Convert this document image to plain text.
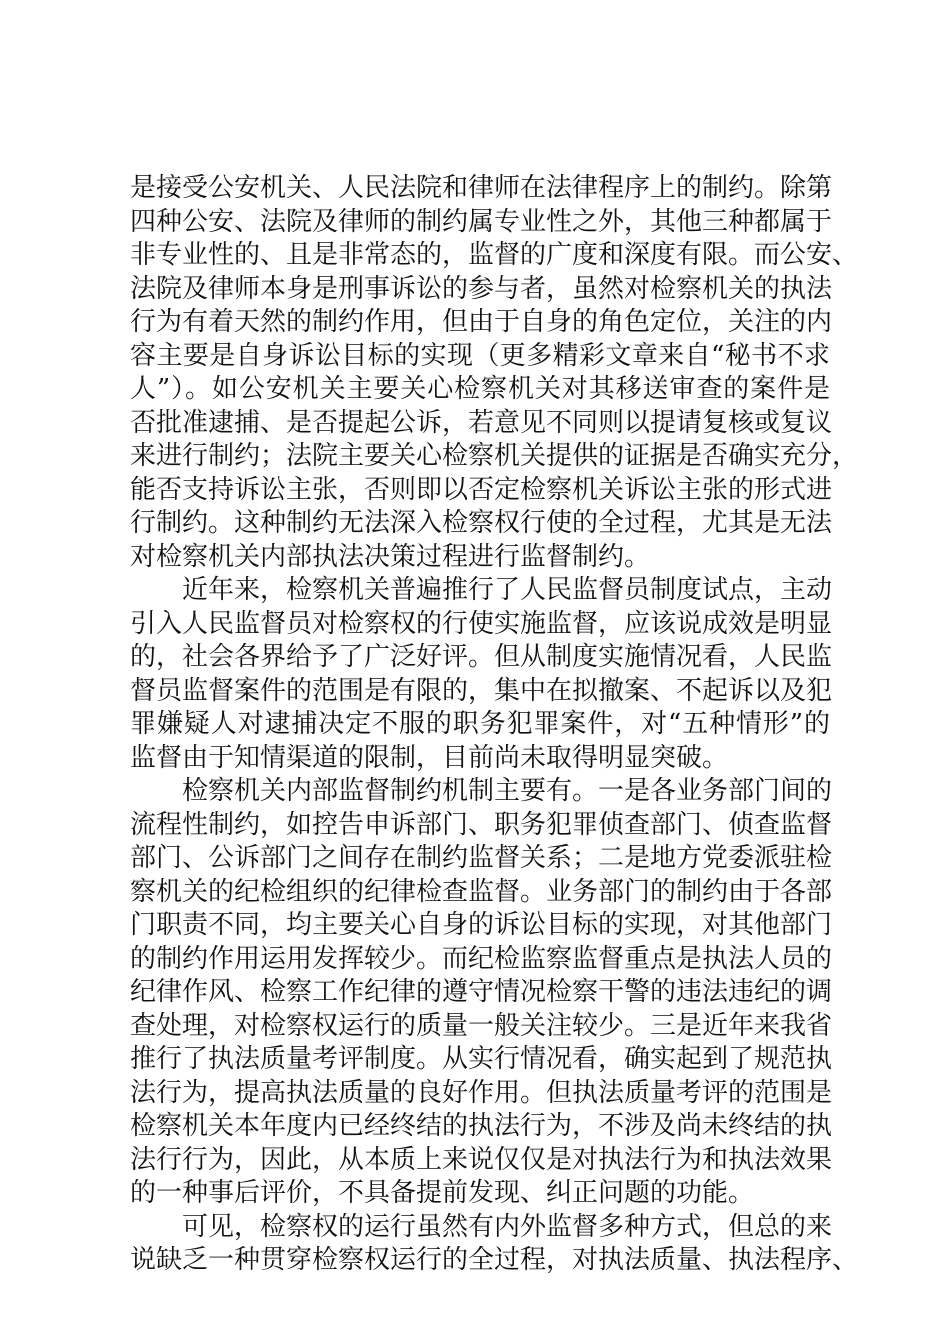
是接受公安机关、人民法院和律师在法律程序上的制约。除第
四种公安、法院及律师的制约属专业性之外，其他三种都属于
非专业性的、且是非常态的，监督的广度和深度有限。而公安、
法院及律师本身是刑事诉讼的参与者，虽然对检察机关的执法
行为有着天然的制约作用，但由于自身的角色定位，关注的内
容主要是自身诉讼目标的实现（更多精彩文章来自“秘书不求
人”）。如公安机关主要关心检察机关对其移送审查的案件是
否批准逮捕、是否提起公诉，若意见不同则以提请复核或复议
来进行制约；法院主要关心检察机关提供的证据是否确实充分，
能否支持诉讼主张，否则即以否定检察机关诉讼主张的形式进
行制约。这种制约无法深入检察权行使的全过程，尤其是无法
对检察机关内部执法决策过程进行监督制约。
近年来，检察机关普遍推行了人民监督员制度试点，主动
引入人民监督员对检察权的行使实施监督，应该说成效是明显
的，社会各界给予了广泛好评。但从制度实施情况看，人民监
督员监督案件的范围是有限的，集中在拟撤案、不起诉以及犯
罪嫌疑人对逮捕决定不服的职务犯罪案件，对“五种情形”的
监督由于知情渠道的限制，目前尚未取得明显突破。
检察机关内部监督制约机制主要有。一是各业务部门间的
流程性制约，如控告申诉部门、职务犯罪侦查部门、侦查监督
部门、公诉部门之间存在制约监督关系；二是地方党委派驻检
察机关的纪检组织的纪律检查监督。业务部门的制约由于各部
门职责不同，均主要关心自身的诉讼目标的实现，对其他部门
的制约作用运用发挥较少。而纪检监察监督重点是执法人员的
纪律作风、检察工作纪律的遵守情况检察干警的违法违纪的调
查处理，对检察权运行的质量一般关注较少。三是近年来我省
推行了执法质量考评制度。从实行情况看，确实起到了规范执
法行为，提高执法质量的良好作用。但执法质量考评的范围是
检察机关本年度内已经终结的执法行为，不涉及尚未终结的执
法行行为，因此，从本质上来说仅仅是对执法行为和执法效果
的一种事后评价，不具备提前发现、纠正问题的功能。
可见，检察权的运行虽然有内外监督多种方式，但总的来
说缺乏一种贯穿检察权运行的全过程，对执法质量、执法程序、
